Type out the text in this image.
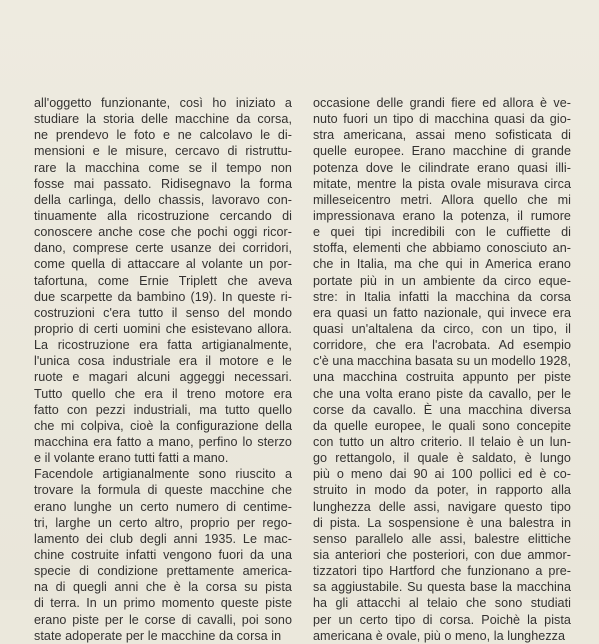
all'oggetto funzionante, così ho iniziato a
studiare la storia delle macchine da corsa,
ne prendevo le foto e ne calcolavo le di-
mensioni e le misure, cercavo di ristruttu-
rare la macchina come se il tempo non
fosse mai passato. Ridisegnavo la forma
della carlinga, dello chassis, lavoravo con-
tinuamente alla ricostruzione cercando di
conoscere anche cose che pochi oggi ricor-
dano, comprese certe usanze dei corridori,
come quella di attaccare al volante un por-
tafortuna, come Ernie Triplett che aveva
due scarpette da bambino (19). In queste ri-
costruzioni c'era tutto il senso del mondo
proprio di certi uomini che esistevano allora.
La ricostruzione era fatta artigianalmente,
l'unica cosa industriale era il motore e le
ruote e magari alcuni aggeggi necessari.
Tutto quello che era il treno motore era
fatto con pezzi industriali, ma tutto quello
che mi colpiva, cioè la configurazione della
macchina era fatto a mano, perfino lo sterzo
e il volante erano tutti fatti a mano.
Facendole artigianalmente sono riuscito a
trovare la formula di queste macchine che
erano lunghe un certo numero di centime-
tri, larghe un certo altro, proprio per rego-
lamento dei club degli anni 1935. Le mac-
chine costruite infatti vengono fuori da una
specie di condizione prettamente america-
na di quegli anni che è la corsa su pista
di terra. In un primo momento queste piste
erano piste per le corse di cavalli, poi sono
state adoperate per le macchine da corsa in
occasione delle grandi fiere ed allora è ve-
nuto fuori un tipo di macchina quasi da gio-
stra americana, assai meno sofisticata di
quelle europee. Erano macchine di grande
potenza dove le cilindrate erano quasi illi-
mitate, mentre la pista ovale misurava circa
milleseicentro metri. Allora quello che mi
impressionava erano la potenza, il rumore
e quei tipi incredibili con le cuffiette di
stoffa, elementi che abbiamo conosciuto an-
che in Italia, ma che qui in America erano
portate più in un ambiente da circo eque-
stre: in Italia infatti la macchina da corsa
era quasi un fatto nazionale, qui invece era
quasi un'altalena da circo, con un tipo, il
corridore, che era l'acrobata. Ad esempio
c'è una macchina basata su un modello 1928,
una macchina costruita appunto per piste
che una volta erano piste da cavallo, per le
corse da cavallo. È una macchina diversa
da quelle europee, le quali sono concepite
con tutto un altro criterio. Il telaio è un lun-
go rettangolo, il quale è saldato, è lungo
più o meno dai 90 ai 100 pollici ed è co-
struito in modo da poter, in rapporto alla
lunghezza delle assi, navigare questo tipo
di pista. La sospensione è una balestra in
senso parallelo alle assi, balestre elittiche
sia anteriori che posteriori, con due ammor-
tizzatori tipo Hartford che funzionano a pre-
sa aggiustabile. Su questa base la macchina
ha gli attacchi al telaio che sono studiati
per un certo tipo di corsa. Poichè la pista
americana è ovale, più o meno, la lunghezza
